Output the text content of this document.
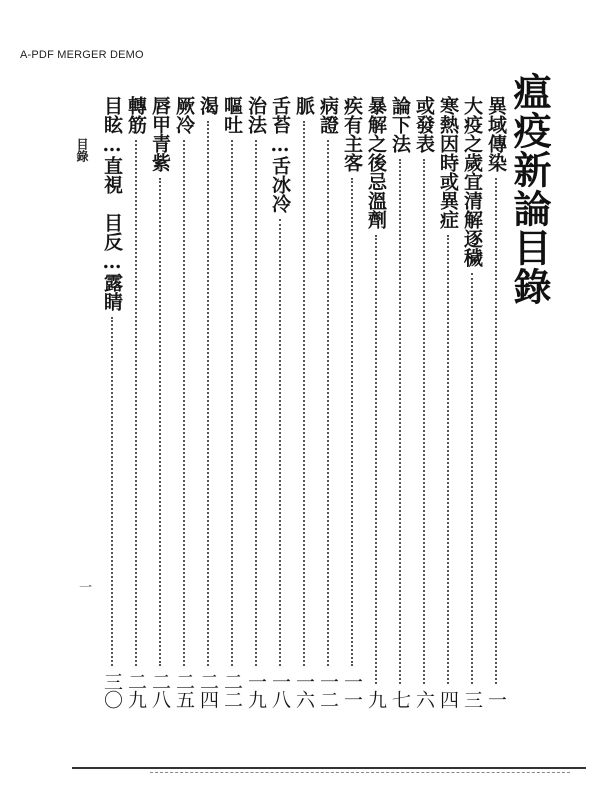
A-PDF MERGER DEMO
瘟疫新論目錄
目錄
一
異域傳染
一
大疫之歲宜清解逐穢
三
寒熱因時或異症
四
或發表
六
論下法
七
暴解之後忌溫劑
九
疾有主客
一一
病證
一二
脈
一六
舌苔…舌冰冷
一八
治法
一九
嘔吐
二二
渴
二四
厥冷
二五
唇甲青紫
二八
轉筋
二九
目眩…直視　目反…露睛
三〇
